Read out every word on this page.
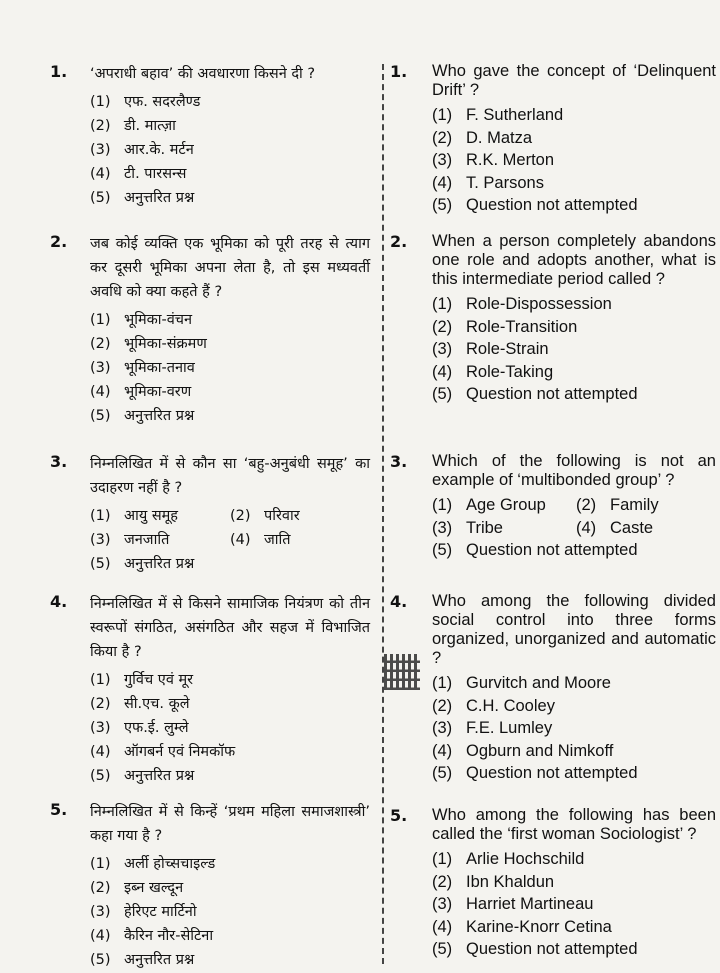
1. ‘अपराधी बहाव’ की अवधारणा किसने दी ?
(1) एफ. सदरलैण्ड
(2) डी. मात्ज़ा
(3) आर.के. मर्टन
(4) टी. पारसन्स
(5) अनुत्तरित प्रश्न
2. जब कोई व्यक्ति एक भूमिका को पूरी तरह से त्याग कर दूसरी भूमिका अपना लेता है, तो इस मध्यवर्ती अवधि को क्या कहते हैं ?
(1) भूमिका-वंचन
(2) भूमिका-संक्रमण
(3) भूमिका-तनाव
(4) भूमिका-वरण
(5) अनुत्तरित प्रश्न
3. निम्नलिखित में से कौन सा ‘बहु-अनुबंधी समूह’ का उदाहरण नहीं है ?
(1) आयु समूह	(2) परिवार
(3) जनजाति	(4) जाति
(5) अनुत्तरित प्रश्न
4. निम्नलिखित में से किसने सामाजिक नियंत्रण को तीन स्वरूपों संगठित, असंगठित और सहज में विभाजित किया है ?
(1) गुर्विच एवं मूर
(2) सी.एच. कूले
(3) एफ.ई. लुम्ले
(4) ऑगबर्न एवं निमकॉफ
(5) अनुत्तरित प्रश्न
5. निम्नलिखित में से किन्हें ‘प्रथम महिला समाजशास्त्री’ कहा गया है ?
(1) अर्ली होच्सचाइल्ड
(2) इब्न खल्दून
(3) हेरिएट मार्टिनो
(4) कैरिन नौर-सेटिना
(5) अनुत्तरित प्रश्न
1. Who gave the concept of ‘Delinquent Drift’ ?
(1) F. Sutherland
(2) D. Matza
(3) R.K. Merton
(4) T. Parsons
(5) Question not attempted
2. When a person completely abandons one role and adopts another, what is this intermediate period called ?
(1) Role-Dispossession
(2) Role-Transition
(3) Role-Strain
(4) Role-Taking
(5) Question not attempted
3. Which of the following is not an example of ‘multibonded group’ ?
(1) Age Group (2) Family
(3) Tribe	(4) Caste
(5) Question not attempted
4. Who among the following divided social control into three forms organized, unorganized and automatic ?
(1) Gurvitch and Moore
(2) C.H. Cooley
(3) F.E. Lumley
(4) Ogburn and Nimkoff
(5) Question not attempted
5. Who among the following has been called the ‘first woman Sociologist’ ?
(1) Arlie Hochschild
(2) Ibn Khaldun
(3) Harriet Martineau
(4) Karine-Knorr Cetina
(5) Question not attempted
